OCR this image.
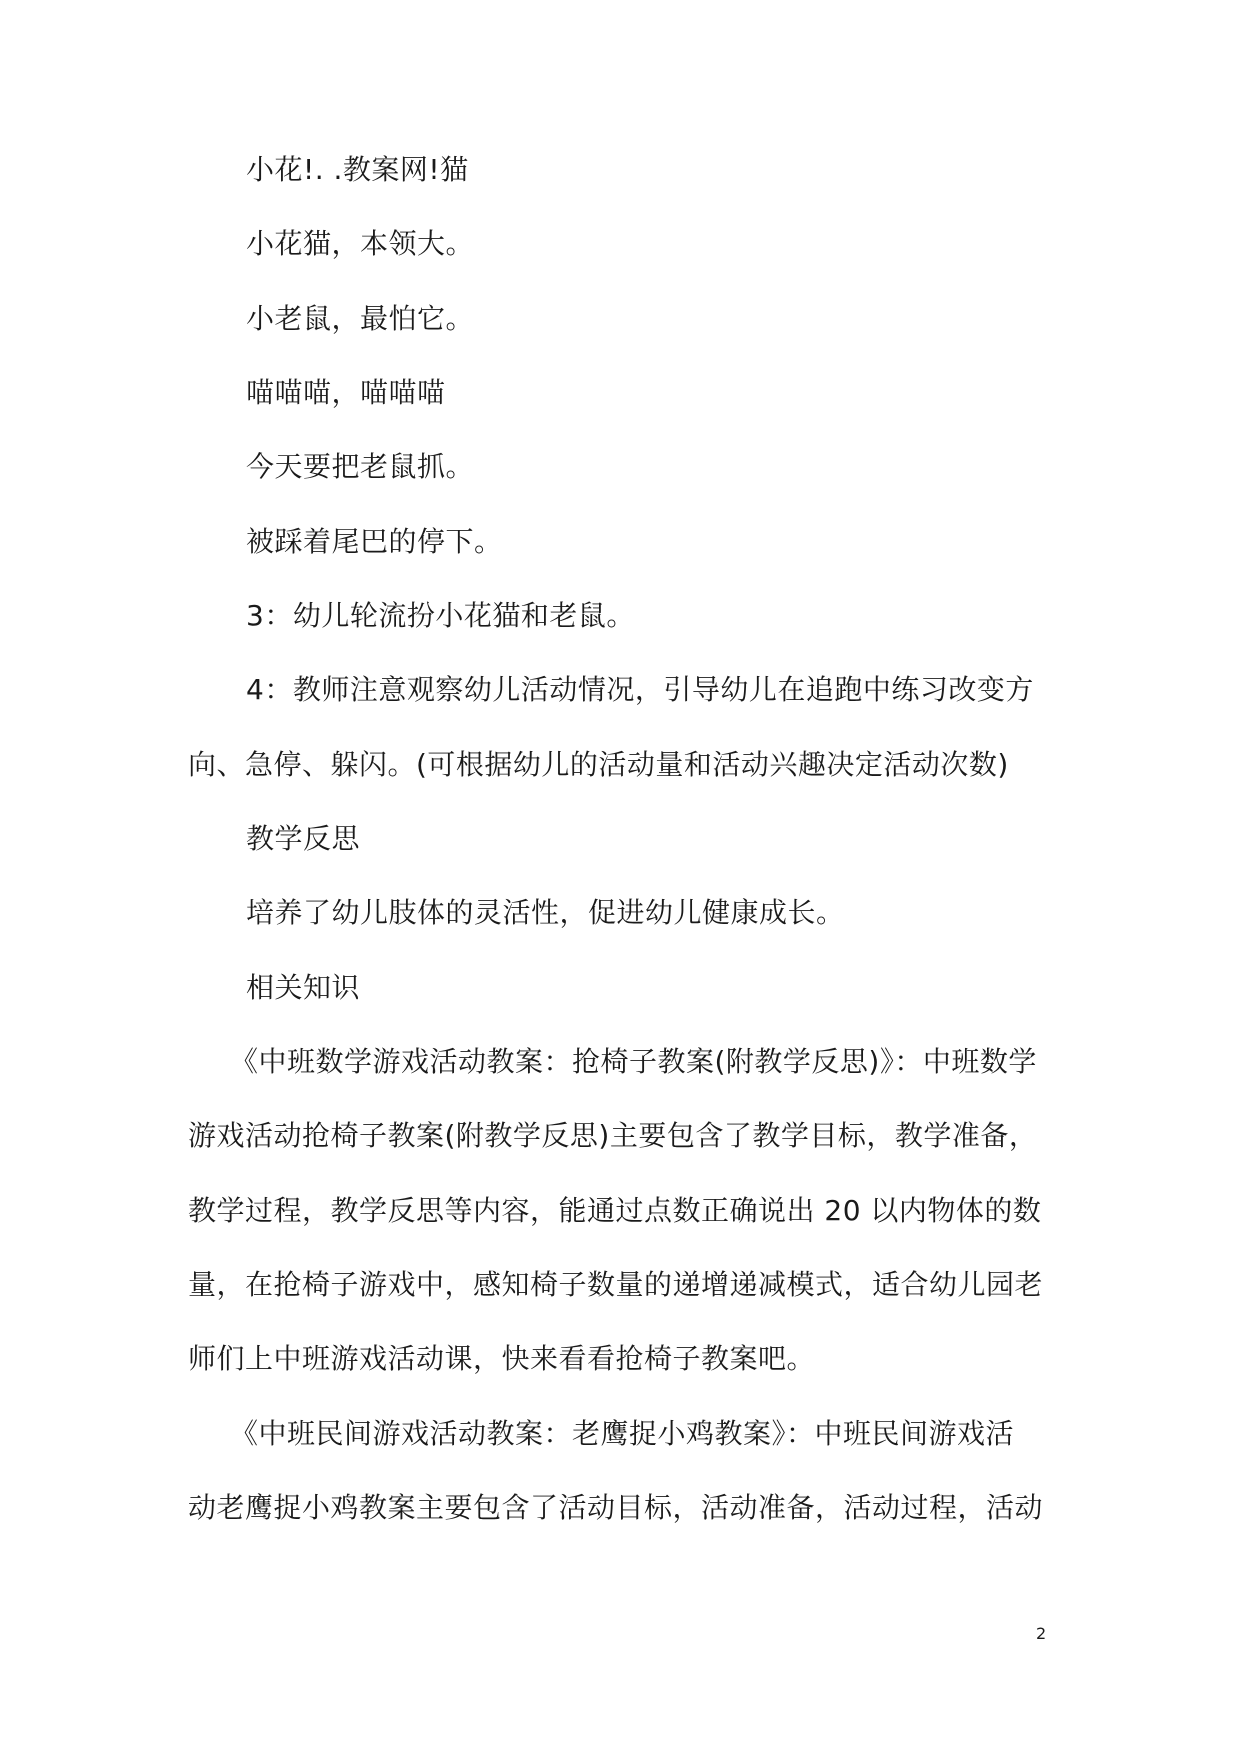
小花!. .教案网!猫
小花猫，本领大。
小老鼠，最怕它。
喵喵喵，喵喵喵
今天要把老鼠抓。
被踩着尾巴的停下。
3：幼儿轮流扮小花猫和老鼠。
4：教师注意观察幼儿活动情况，引导幼儿在追跑中练习改变方
向、急停、躲闪。(可根据幼儿的活动量和活动兴趣决定活动次数)
教学反思
培养了幼儿肢体的灵活性，促进幼儿健康成长。
相关知识
《中班数学游戏活动教案：抢椅子教案(附教学反思)》：中班数学
游戏活动抢椅子教案(附教学反思)主要包含了教学目标，教学准备，
教学过程，教学反思等内容，能通过点数正确说出 20 以内物体的数
量，在抢椅子游戏中，感知椅子数量的递增递减模式，适合幼儿园老
师们上中班游戏活动课，快来看看抢椅子教案吧。
《中班民间游戏活动教案：老鹰捉小鸡教案》：中班民间游戏活
动老鹰捉小鸡教案主要包含了活动目标，活动准备，活动过程，活动
2
